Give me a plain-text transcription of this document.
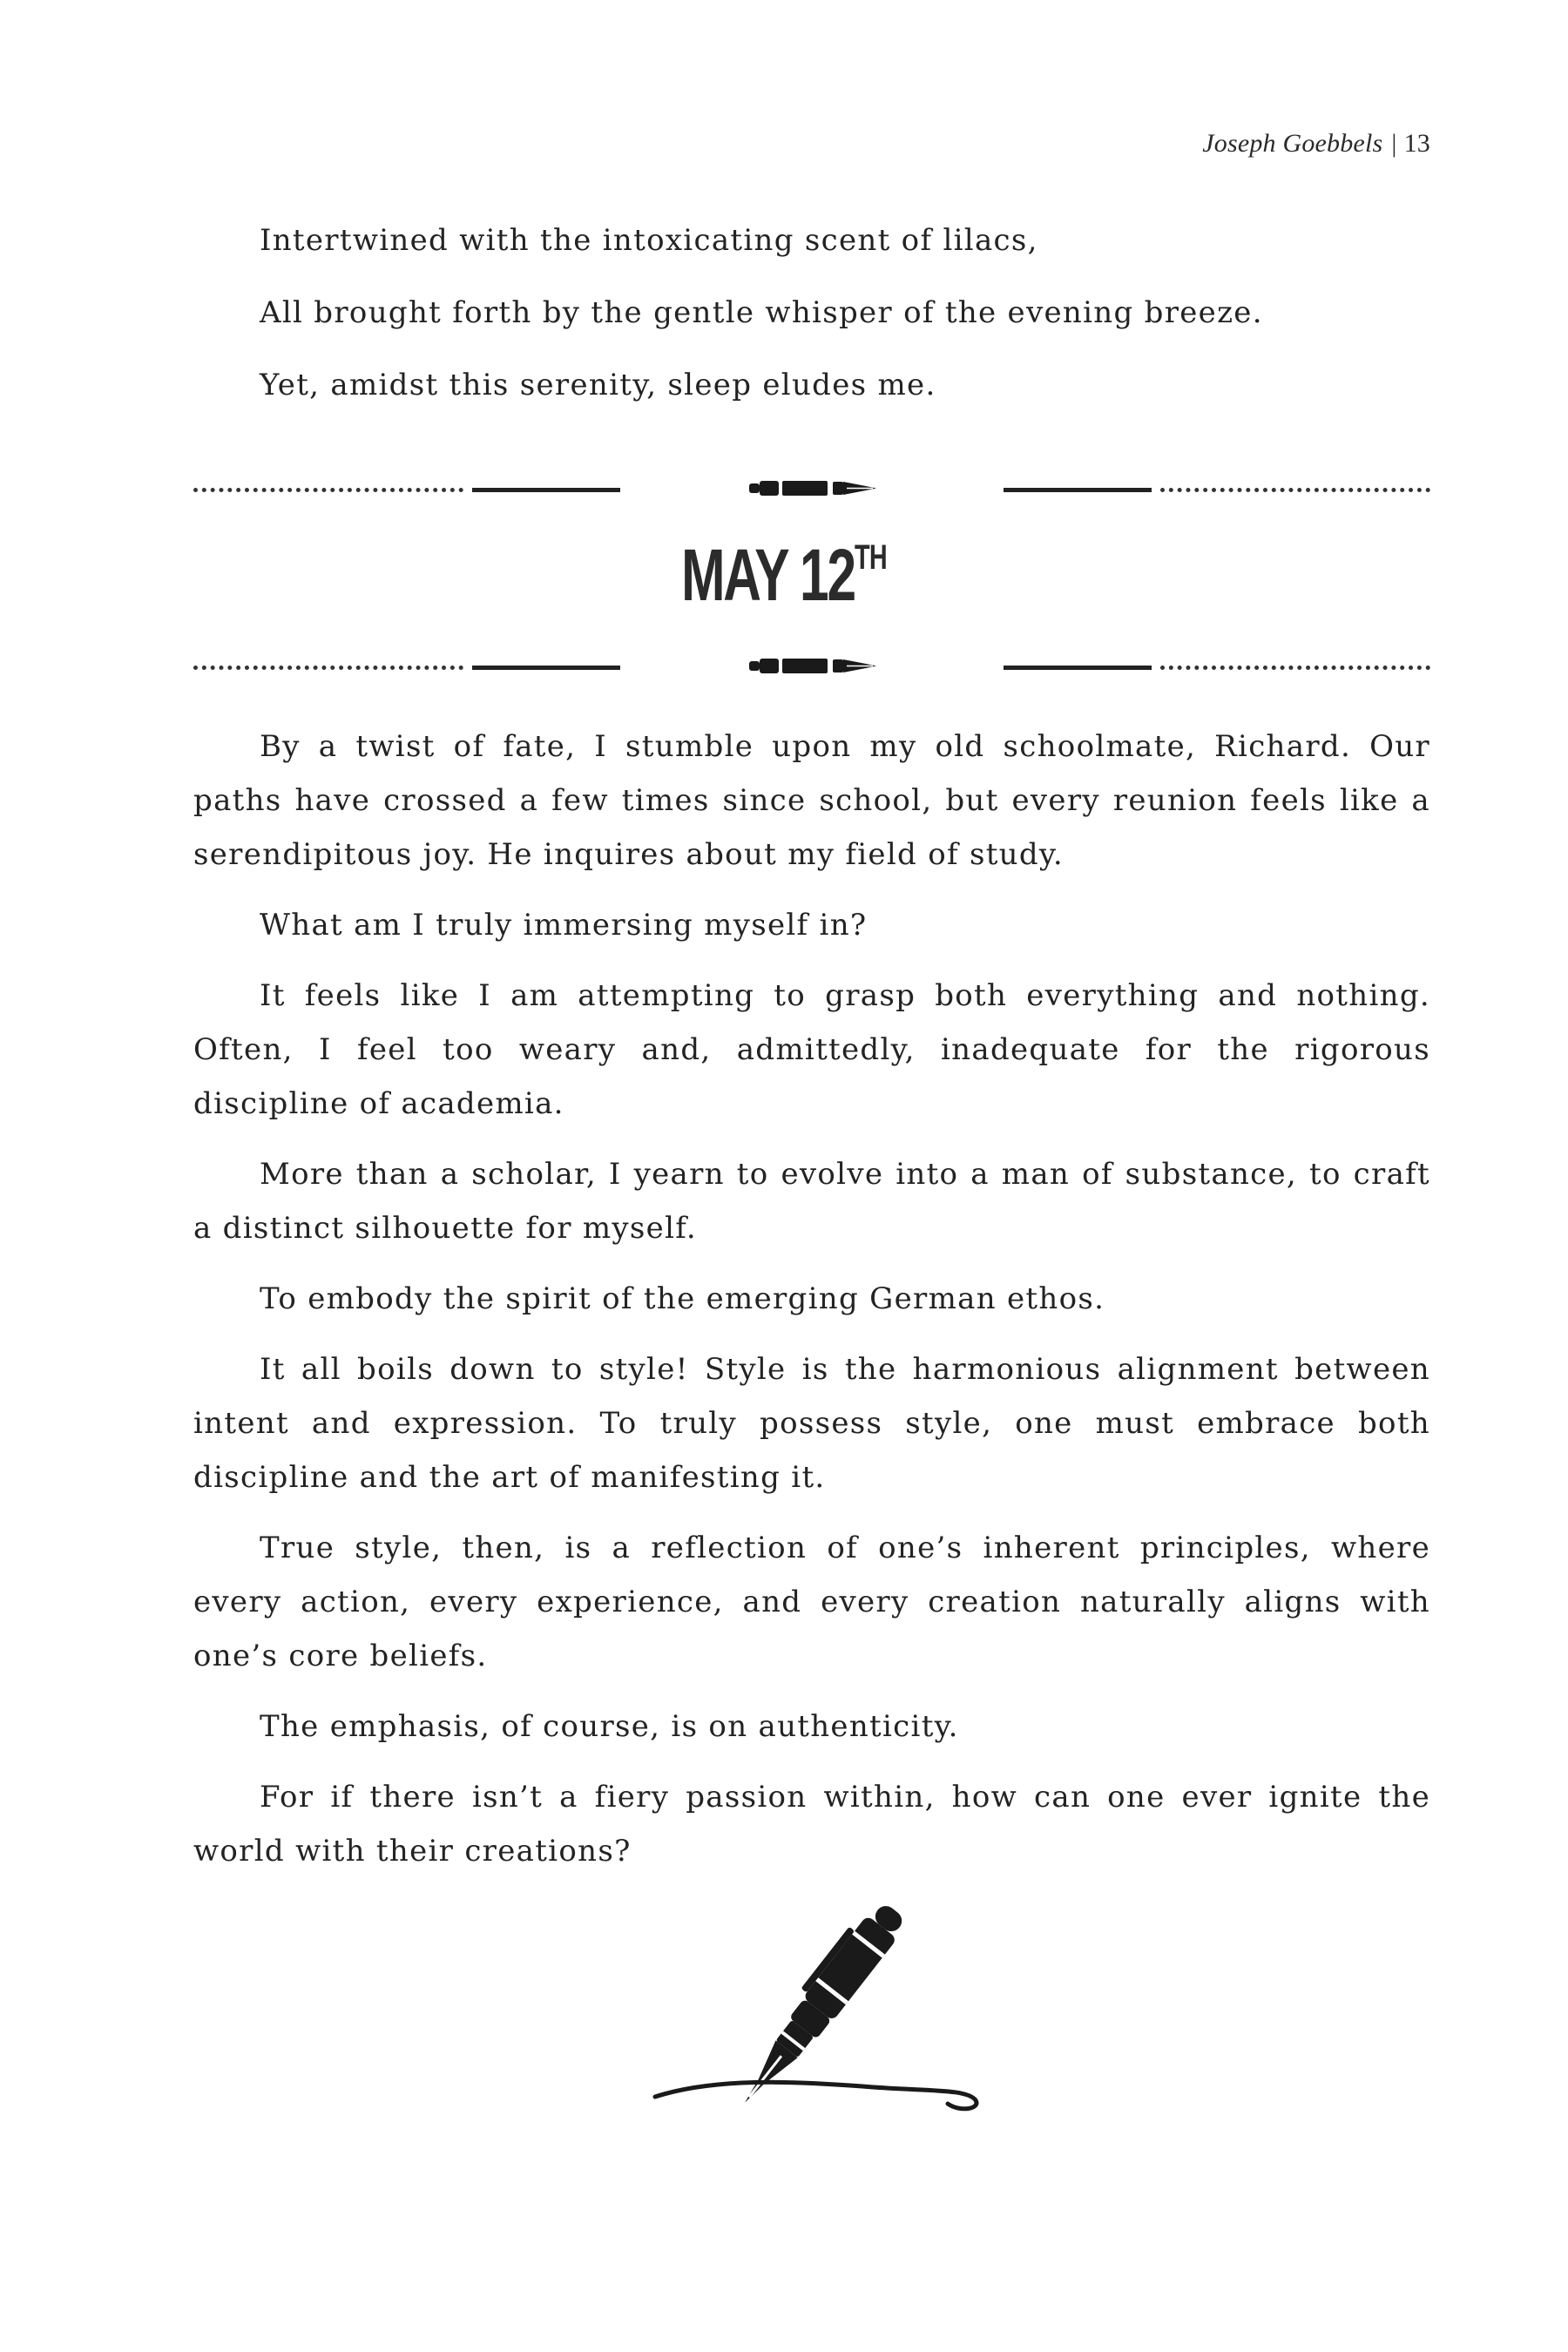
Joseph Goebbels | 13

Intertwined with the intoxicating scent of lilacs,

All brought forth by the gentle whisper of the evening breeze.

Yet, amidst this serenity, sleep eludes me.

MAY 12TH

By a twist of fate, I stumble upon my old schoolmate, Richard. Our paths have crossed a few times since school, but every reunion feels like a serendipitous joy. He inquires about my field of study.

What am I truly immersing myself in?

It feels like I am attempting to grasp both everything and nothing. Often, I feel too weary and, admittedly, inadequate for the rigorous discipline of academia.

More than a scholar, I yearn to evolve into a man of substance, to craft a distinct silhouette for myself.

To embody the spirit of the emerging German ethos.

It all boils down to style! Style is the harmonious alignment between intent and expression. To truly possess style, one must embrace both discipline and the art of manifesting it.

True style, then, is a reflection of one’s inherent principles, where every action, every experience, and every creation naturally aligns with one’s core beliefs.

The emphasis, of course, is on authenticity.

For if there isn’t a fiery passion within, how can one ever ignite the world with their creations?
